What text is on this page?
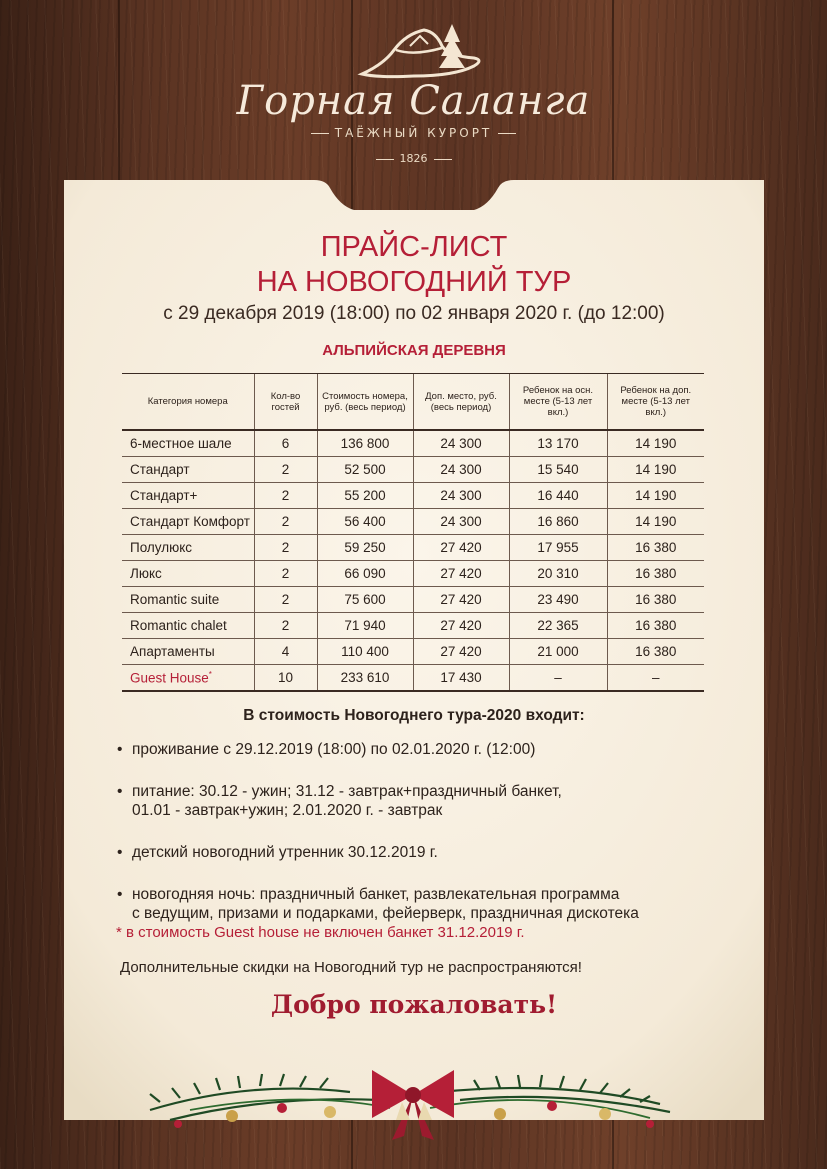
Горная Саланга
ТАЁЖНЫЙ КУРОРТ
1826
ПРАЙС-ЛИСТ
НА НОВОГОДНИЙ ТУР
с 29 декабря 2019 (18:00) по 02 января 2020 г. (до 12:00)
АЛЬПИЙСКАЯ ДЕРЕВНЯ
Категория номера	Кол-во гостей	Стоимость номера, руб. (весь период)	Доп. место, руб. (весь период)	Ребенок на осн. месте (5-13 лет вкл.)	Ребенок на доп. месте (5-13 лет вкл.)
6-местное шале	6	136 800	24 300	13 170	14 190
Стандарт	2	52 500	24 300	15 540	14 190
Стандарт+	2	55 200	24 300	16 440	14 190
Стандарт Комфорт	2	56 400	24 300	16 860	14 190
Полулюкс	2	59 250	27 420	17 955	16 380
Люкс	2	66 090	27 420	20 310	16 380
Romantic suite	2	75 600	27 420	23 490	16 380
Romantic chalet	2	71 940	27 420	22 365	16 380
Апартаменты	4	110 400	27 420	21 000	16 380
Guest House*	10	233 610	17 430	–	–
В стоимость Новогоднего тура-2020 входит:
• проживание с 29.12.2019 (18:00) по 02.01.2020 г. (12:00)
• питание: 30.12 - ужин; 31.12 - завтрак+праздничный банкет,
01.01 - завтрак+ужин; 2.01.2020 г. - завтрак
• детский новогодний утренник 30.12.2019 г.
• новогодняя ночь: праздничный банкет, развлекательная программа
с ведущим, призами и подарками, фейерверк, праздничная дискотека
* в стоимость Guest house не включен банкет 31.12.2019 г.
Дополнительные скидки на Новогодний тур не распространяются!
Добро пожаловать!
